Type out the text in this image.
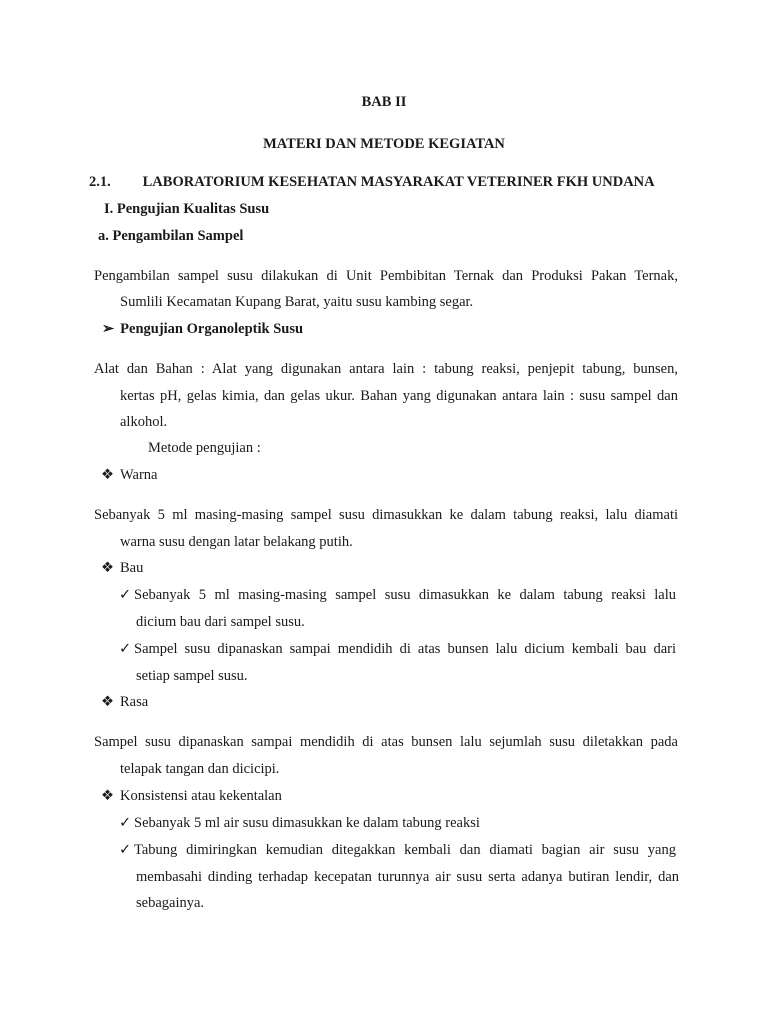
BAB II
MATERI DAN METODE KEGIATAN
2.1. LABORATORIUM KESEHATAN MASYARAKAT VETERINER FKH UNDANA
I. Pengujian Kualitas Susu
a. Pengambilan Sampel
Pengambilan sampel susu dilakukan di Unit Pembibitan Ternak dan Produksi Pakan Ternak,
Sumlili Kecamatan Kupang Barat, yaitu susu kambing segar.
➢ Pengujian Organoleptik Susu
Alat dan Bahan : Alat yang digunakan antara lain : tabung reaksi, penjepit tabung, bunsen,
kertas pH, gelas kimia, dan gelas ukur. Bahan yang digunakan antara lain : susu sampel dan
alkohol.
Metode pengujian :
❖ Warna
Sebanyak 5 ml masing-masing sampel susu dimasukkan ke dalam tabung reaksi, lalu diamati
warna susu dengan latar belakang putih.
❖ Bau
✓ Sebanyak 5 ml masing-masing sampel susu dimasukkan ke dalam tabung reaksi lalu
dicium bau dari sampel susu.
✓ Sampel susu dipanaskan sampai mendidih di atas bunsen lalu dicium kembali bau dari
setiap sampel susu.
❖ Rasa
Sampel susu dipanaskan sampai mendidih di atas bunsen lalu sejumlah susu diletakkan pada
telapak tangan dan dicicipi.
❖ Konsistensi atau kekentalan
✓ Sebanyak 5 ml air susu dimasukkan ke dalam tabung reaksi
✓ Tabung dimiringkan kemudian ditegakkan kembali dan diamati bagian air susu yang
membasahi dinding terhadap kecepatan turunnya air susu serta adanya butiran lendir, dan
sebagainya.
